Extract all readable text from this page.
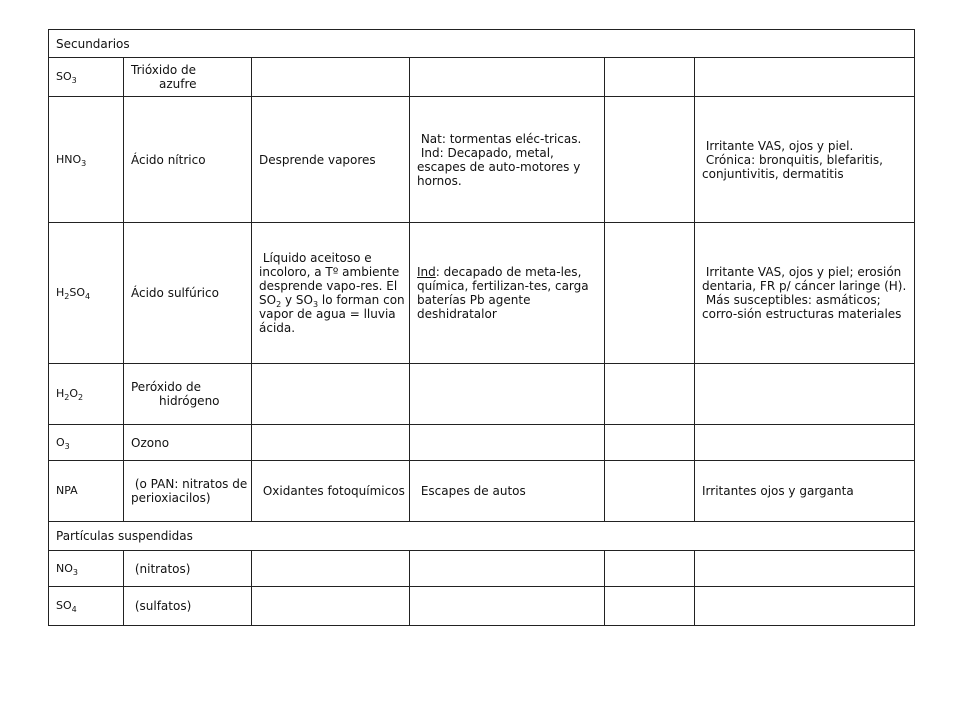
Secundarios					
$SO_3$	Trióxido de
azufre				

$HNO_3$	Ácido nítrico	Desprende vapores	Nat: tormentas eléc-tricas.
Ind: Decapado, metal, escapes de auto-motores y hornos.		Irritante VAS, ojos y piel.
Crónica: bronquitis, blefaritis, conjuntivitis, dermatitis
$H_2SO_4$	Ácido sulfúrico	Líquido aceitoso e incoloro, a Tº ambiente desprende vapo-res. El $SO_2$ y $SO_3$ lo forman con vapor de agua = lluvia ácida.	Ind: decapado de meta-les, química, fertilizan-tes, carga baterías Pb agente deshidratalor		Irritante VAS, ojos y piel; erosión dentaria, FR p/ cáncer laringe (H).
Más susceptibles: asmáticos; corro-sión estructuras materiales
$H_2O_2$	Peróxido de
hidrógeno				

$O_3$	Ozono				
NPA	(o PAN: nitratos de perioxiacilos)	Oxidantes fotoquímicos	Escapes de autos		Irritantes ojos y garganta
Partículas suspendidas					
$NO_3$	(nitratos)				
$SO_4$	(sulfatos)				
